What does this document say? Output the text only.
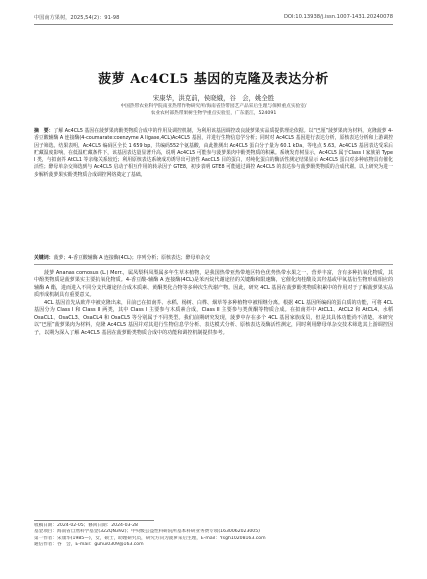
中国南方果树，2025,54(2)：91-98	DOI:10.13938/j.issn.1007-1431.20240078
菠萝 Ac4CL5 基因的克隆及表达分析
宋康华，洪克前，侯晓娥，谷　会，姚全胜
中国热带农业科学院南亚热带作物研究所/海南省热带园艺产品采后生理与保鲜重点实验室/
农业农村部热带果树生物学重点实验室，广东湛江，524091
摘　要：了解 Ac4CL5 基因在菠萝果肉酚类物质合成中的作用及调控机制，为利用该基因调控改良菠萝果实品质提供理论依据。以“巴厘”菠萝果肉为材料，克隆菠萝 4-香豆酸辅酶 A 连接酶(4-coumarate:coenzyme A ligase,4CL)Ac4CL5 基因，并进行生物信息学分析；同时对 Ac4CL5 基因进行表达分析，原核表达分析和上游调控因子筛选。结果表明，Ac4CL5 编码区全长 1 659 bp，共编码552个氨基酸，由此推测出 Ac4CL5 蛋白分子量为 60.1 kDa，等电点 5.63。Ac4CL5 基因表达受采后贮藏温度影响，在低温贮藏条件下，该基因表达量显著升高，说明 Ac4CL5 可能参与菠萝果肉中酚类物质的积累。系统发育树显示，Ac4CL5 属于Class I 家族第 Type I 类，与拟南芥 AtCL1 等亲缘关系较近；利用原核表达系统成功诱导出可溶性 AacCL5 目的蛋白，对纯化蛋白的酶活性测定结果显示 Ac4CL5 蛋白对多种底物具有催化活性；酵母单杂交筛选到与 Ac4CL5 启动子相互作用的转录因子 GTE8，初步表明 GTE8 可能通过调控 Ac4CL5 的表达参与菠萝酚类物质的合成代谢。以上研究为进一步解析菠萝果实酚类物质合成调控网络奠定了基础。
关键词：菠萝；4-香豆酸辅酶 A 连接酶(4CL)；序列分析；原核表达；酵母单杂交

菠萝 Ananas comosus (L.) Merr.，属凤梨科凤梨属多年生草本植物，是我国热带亚热带地区特色优势热带水果之一，营养丰富，含有多种抗氧化物质，其中酚类物质是菠萝果实主要抗氧化物质。4-香豆酸-辅酶 A 连接酶(4CL)是苯丙烷代谢途径的关键酶和限速酶，它催化肉桂酸及其羟基或甲氧基衍生物形成相应的辅酶 A 酯，进而进入不同分支代谢途径合成木质素、黄酮类化合物等多种次生代谢产物。因此，研究 4CL 基因在菠萝酚类物质积累中的作用对于了解菠萝果实品质形成机制具有重要意义。

4CL 基因首先从欧芹中被克隆出来，目前已在拟南芥、水稻、杨树、白桦、烟草等多种植物中被相继分离。根据 4CL 基因所编码的蛋白质的功能，可将 4CL 基因分为 Class I 和 Class II 两类，其中 Class I 主要参与木质素合成，Class II 主要参与类黄酮等物质合成。在拟南芥中 AtCL1、AtCL2 和 AtCL4、水稻 OsaCL1、OsaCL3、OsaCL4 和 OsaCL5 等分别属于不同类型。我们前期研究发现，菠萝中存在多个 4CL 基因家族成员，但是其具体功能尚不清楚。本研究以“巴厘”菠萝果肉为材料，克隆 Ac4CL5 基因并对其进行生物信息学分析、表达模式分析、原核表达及酶活性测定，同时利用酵母单杂交技术筛选其上游调控因子，以期为深入了解 Ac4CL5 基因在菠萝酚类物质合成中的功能和调控机制提供参考。

收稿日期：2024-02-05；修回日期：2024-03-28
基金项目：海南省自然科学基金(322QN392)；中央级公益性科研院所基本科研业务费专项(1630062023005)
第一作者：宋康华(1985—)，女，硕士，助理研究员，研究方向为菠萝采后生理，E-mail：Ysgh10208163.com
通信作者：谷　会，E-mail：guhui0309@163.com
